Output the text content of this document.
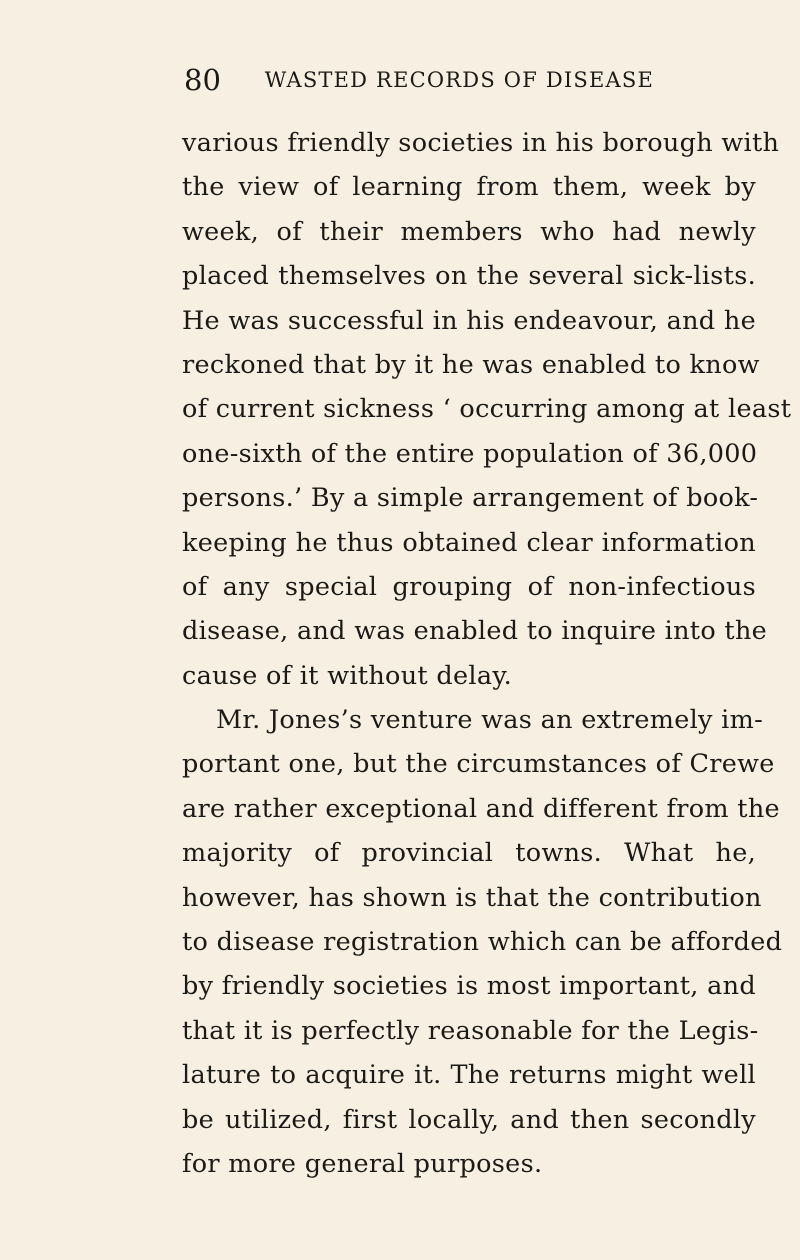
80 WASTED RECORDS OF DISEASE
various friendly societies in his borough with
the view of learning from them, week by
week, of their members who had newly
placed themselves on the several sick-lists.
He was successful in his endeavour, and he
reckoned that by it he was enabled to know
of current sickness ‘ occurring among at least
one-sixth of the entire population of 36,000
persons.’ By a simple arrangement of book-
keeping he thus obtained clear information
of any special grouping of non-infectious
disease, and was enabled to inquire into the
cause of it without delay.
Mr. Jones’s venture was an extremely im-
portant one, but the circumstances of Crewe
are rather exceptional and different from the
majority of provincial towns. What he,
however, has shown is that the contribution
to disease registration which can be afforded
by friendly societies is most important, and
that it is perfectly reasonable for the Legis-
lature to acquire it. The returns might well
be utilized, first locally, and then secondly
for more general purposes.
